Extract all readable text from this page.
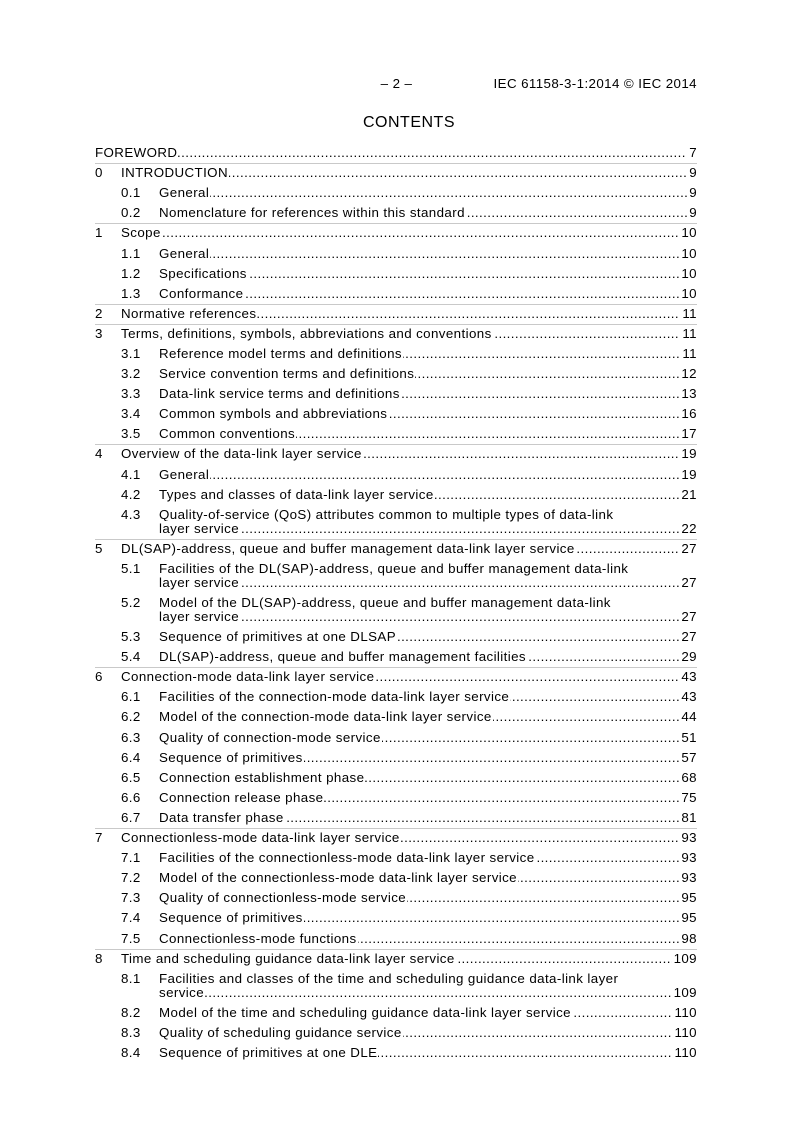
– 2 –	IEC 61158-3-1:2014 © IEC 2014
CONTENTS
FOREWORD .....	7
0 INTRODUCTION .....	9
0.1 General .....	9
0.2 Nomenclature for references within this standard .....	9
1 Scope .....	10
1.1 General .....	10
1.2 Specifications .....	10
1.3 Conformance .....	10
2 Normative references .....	11
3 Terms, definitions, symbols, abbreviations and conventions .....	11
3.1 Reference model terms and definitions .....	11
3.2 Service convention terms and definitions .....	12
3.3 Data-link service terms and definitions .....	13
3.4 Common symbols and abbreviations .....	16
3.5 Common conventions .....	17
4 Overview of the data-link layer service .....	19
4.1 General .....	19
4.2 Types and classes of data-link layer service .....	21
4.3 Quality-of-service (QoS) attributes common to multiple types of data-link layer service .....	22
5 DL(SAP)-address, queue and buffer management data-link layer service .....	27
5.1 Facilities of the DL(SAP)-address, queue and buffer management data-link layer service .....	27
5.2 Model of the DL(SAP)-address, queue and buffer management data-link layer service .....	27
5.3 Sequence of primitives at one DLSAP .....	27
5.4 DL(SAP)-address, queue and buffer management facilities .....	29
6 Connection-mode data-link layer service .....	43
6.1 Facilities of the connection-mode data-link layer service .....	43
6.2 Model of the connection-mode data-link layer service .....	44
6.3 Quality of connection-mode service .....	51
6.4 Sequence of primitives .....	57
6.5 Connection establishment phase .....	68
6.6 Connection release phase .....	75
6.7 Data transfer phase .....	81
7 Connectionless-mode data-link layer service .....	93
7.1 Facilities of the connectionless-mode data-link layer service .....	93
7.2 Model of the connectionless-mode data-link layer service .....	93
7.3 Quality of connectionless-mode service .....	95
7.4 Sequence of primitives .....	95
7.5 Connectionless-mode functions .....	98
8 Time and scheduling guidance data-link layer service .....	109
8.1 Facilities and classes of the time and scheduling guidance data-link layer service .....	109
8.2 Model of the time and scheduling guidance data-link layer service .....	110
8.3 Quality of scheduling guidance service .....	110
8.4 Sequence of primitives at one DLE .....	110
